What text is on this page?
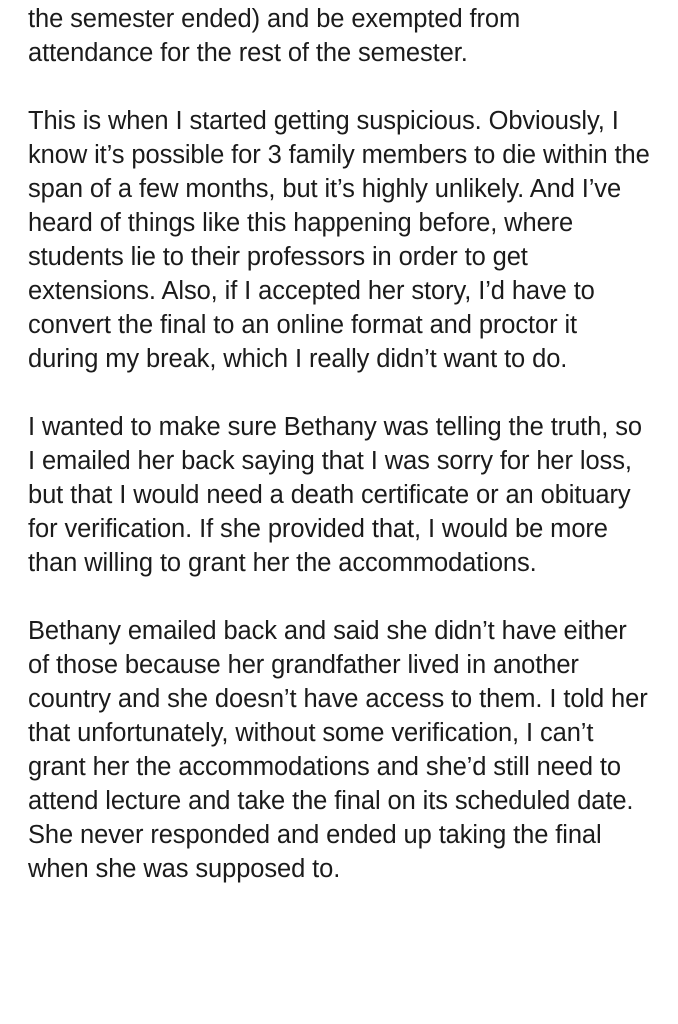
the semester ended) and be exempted from attendance for the rest of the semester.

This is when I started getting suspicious. Obviously, I know it’s possible for 3 family members to die within the span of a few months, but it’s highly unlikely. And I’ve heard of things like this happening before, where students lie to their professors in order to get extensions. Also, if I accepted her story, I’d have to convert the final to an online format and proctor it during my break, which I really didn’t want to do.

I wanted to make sure Bethany was telling the truth, so I emailed her back saying that I was sorry for her loss, but that I would need a death certificate or an obituary for verification. If she provided that, I would be more than willing to grant her the accommodations.

Bethany emailed back and said she didn’t have either of those because her grandfather lived in another country and she doesn’t have access to them. I told her that unfortunately, without some verification, I can’t grant her the accommodations and she’d still need to attend lecture and take the final on its scheduled date. She never responded and ended up taking the final when she was supposed to.
